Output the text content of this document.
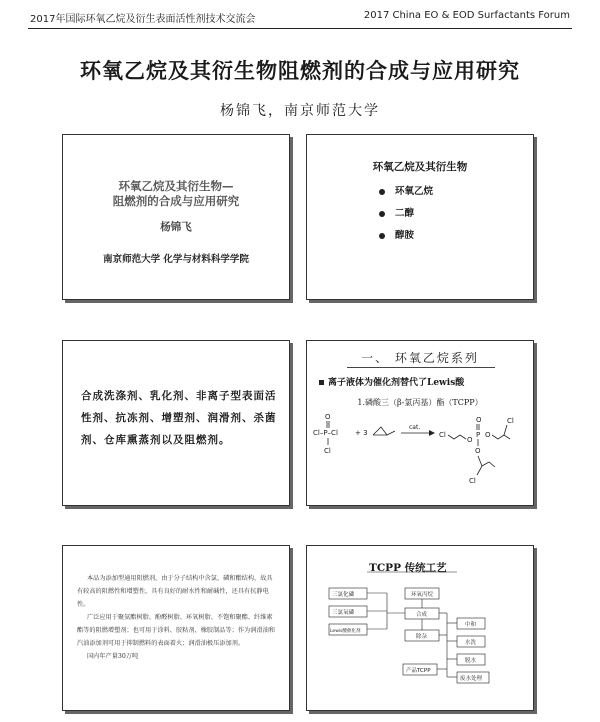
2017年国际环氧乙烷及衍生表面活性剂技术交流会	2017 China EO & EOD Surfactants Forum
环氧乙烷及其衍生物阻燃剂的合成与应用研究
杨锦飞，南京师范大学
环氧乙烷及其衍生物—
阻燃剂的合成与应用研究
杨锦飞
南京师范大学 化学与材料科学学院
环氧乙烷及其衍生物
环氧乙烷
二醇
醇胺
合成洗涤剂、乳化剂、非离子型表面活性剂、抗冻剂、增塑剂、润滑剂、杀菌剂、仓库熏蒸剂以及阻燃剂。
一、 环氧乙烷系列
离子液体为催化剂替代了Lewis酸
1.磷酸三（β-氯丙基）酯（TCPP）
Cl–P–Cl
O
Cl
+ 3
cat.
Cl
O
P
O
O
Cl
O
Cl

本品为添加型通用阻燃剂，由于分子结构中含氯、磷和酯结构，故具有较高的阻燃性和增塑性，具有良好的耐水性和耐碱性，还具有抗静电性。

广泛应用于聚氨酯树脂、酚醛树脂、环氧树脂、不饱和聚酯、纤维素酯等的阻燃增塑剂；也可用于涂料、胶粘剂、橡胶制品等；作为润滑油和汽油添加剂可用于抑制燃料的表面着火；润滑油极压添加剂。

国内年产量30万吨

TCPP 传统工艺
三氯化磷
三氯氧磷
Lewis酸催化剂
环氧丙烷
合成
除杂
中和
水洗
脱水
产品TCPP
废水处理
